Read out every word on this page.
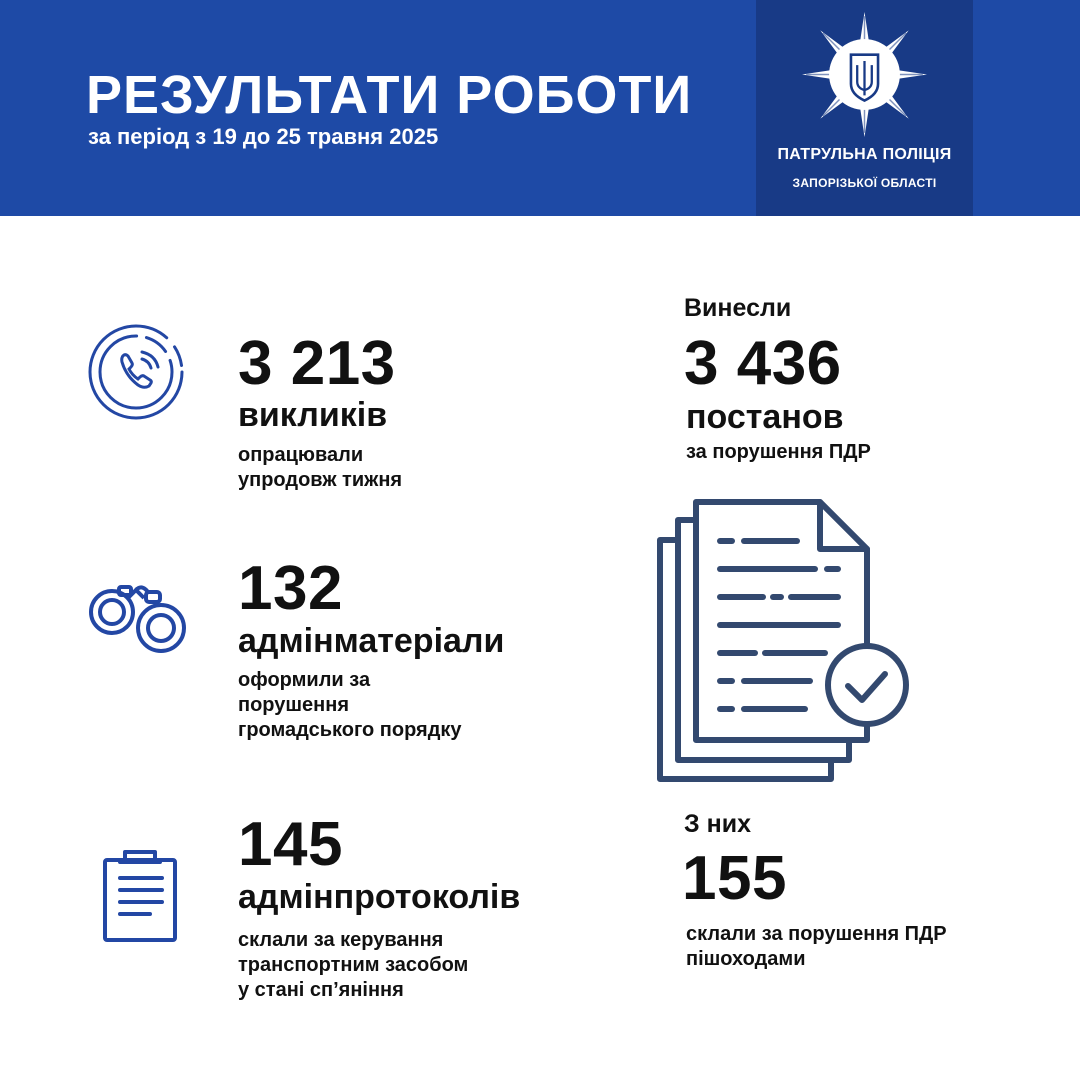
РЕЗУЛЬТАТИ РОБОТИ
за період з 19 до 25 травня 2025
ПАТРУЛЬНА ПОЛІЦІЯ
ЗАПОРІЗЬКОЇ ОБЛАСТІ
3 213
викликів
опрацювали
упродовж тижня
132
адмінматеріали
оформили за
порушення
громадського порядку
145
адмінпротоколів
склали за керування
транспортним засобом
у стані сп’яніння
Винесли
3 436
постанов
за порушення ПДР
З них
155
склали за порушення ПДР
пішоходами
